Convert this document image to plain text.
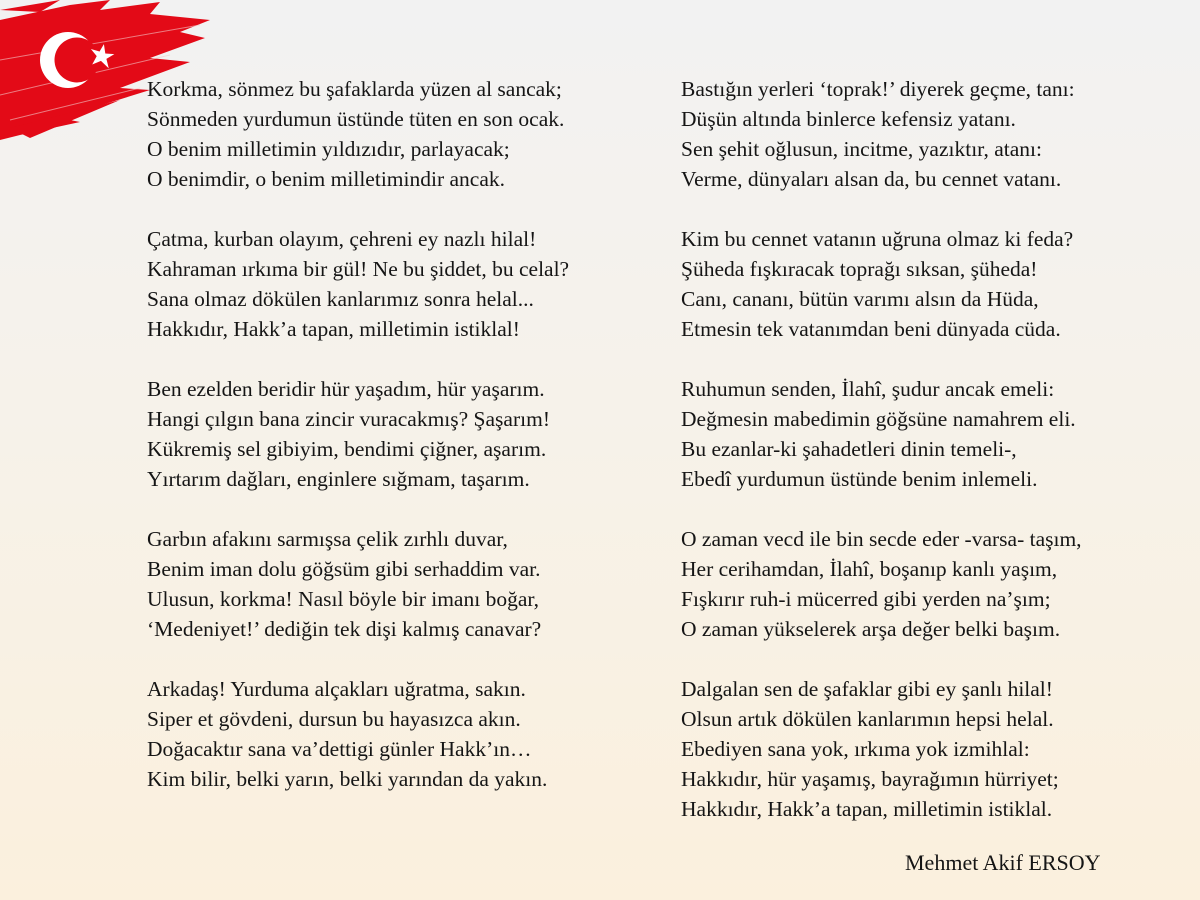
Korkma, sönmez bu şafaklarda yüzen al sancak;
Sönmeden yurdumun üstünde tüten en son ocak.
O benim milletimin yıldızıdır, parlayacak;
O benimdir, o benim milletimindir ancak.
Çatma, kurban olayım, çehreni ey nazlı hilal!
Kahraman ırkıma bir gül! Ne bu şiddet, bu celal?
Sana olmaz dökülen kanlarımız sonra helal...
Hakkıdır, Hakk’a tapan, milletimin istiklal!
Ben ezelden beridir hür yaşadım, hür yaşarım.
Hangi çılgın bana zincir vuracakmış? Şaşarım!
Kükremiş sel gibiyim, bendimi çiğner, aşarım.
Yırtarım dağları, enginlere sığmam, taşarım.
Garbın afakını sarmışsa çelik zırhlı duvar,
Benim iman dolu göğsüm gibi serhaddim var.
Ulusun, korkma! Nasıl böyle bir imanı boğar,
‘Medeniyet!’ dediğin tek dişi kalmış canavar?
Arkadaş! Yurduma alçakları uğratma, sakın.
Siper et gövdeni, dursun bu hayasızca akın.
Doğacaktır sana va’dettigi günler Hakk’ın…
Kim bilir, belki yarın, belki yarından da yakın.
Bastığın yerleri ‘toprak!’ diyerek geçme, tanı:
Düşün altında binlerce kefensiz yatanı.
Sen şehit oğlusun, incitme, yazıktır, atanı:
Verme, dünyaları alsan da, bu cennet vatanı.
Kim bu cennet vatanın uğruna olmaz ki feda?
Şüheda fışkıracak toprağı sıksan, şüheda!
Canı, cananı, bütün varımı alsın da Hüda,
Etmesin tek vatanımdan beni dünyada cüda.
Ruhumun senden, İlahî, şudur ancak emeli:
Değmesin mabedimin göğsüne namahrem eli.
Bu ezanlar-ki şahadetleri dinin temeli-,
Ebedî yurdumun üstünde benim inlemeli.
O zaman vecd ile bin secde eder -varsa- taşım,
Her cerihamdan, İlahî, boşanıp kanlı yaşım,
Fışkırır ruh-i mücerred gibi yerden na’şım;
O zaman yükselerek arşa değer belki başım.
Dalgalan sen de şafaklar gibi ey şanlı hilal!
Olsun artık dökülen kanlarımın hepsi helal.
Ebediyen sana yok, ırkıma yok izmihlal:
Hakkıdır, hür yaşamış, bayrağımın hürriyet;
Hakkıdır, Hakk’a tapan, milletimin istiklal.
Mehmet Akif ERSOY
